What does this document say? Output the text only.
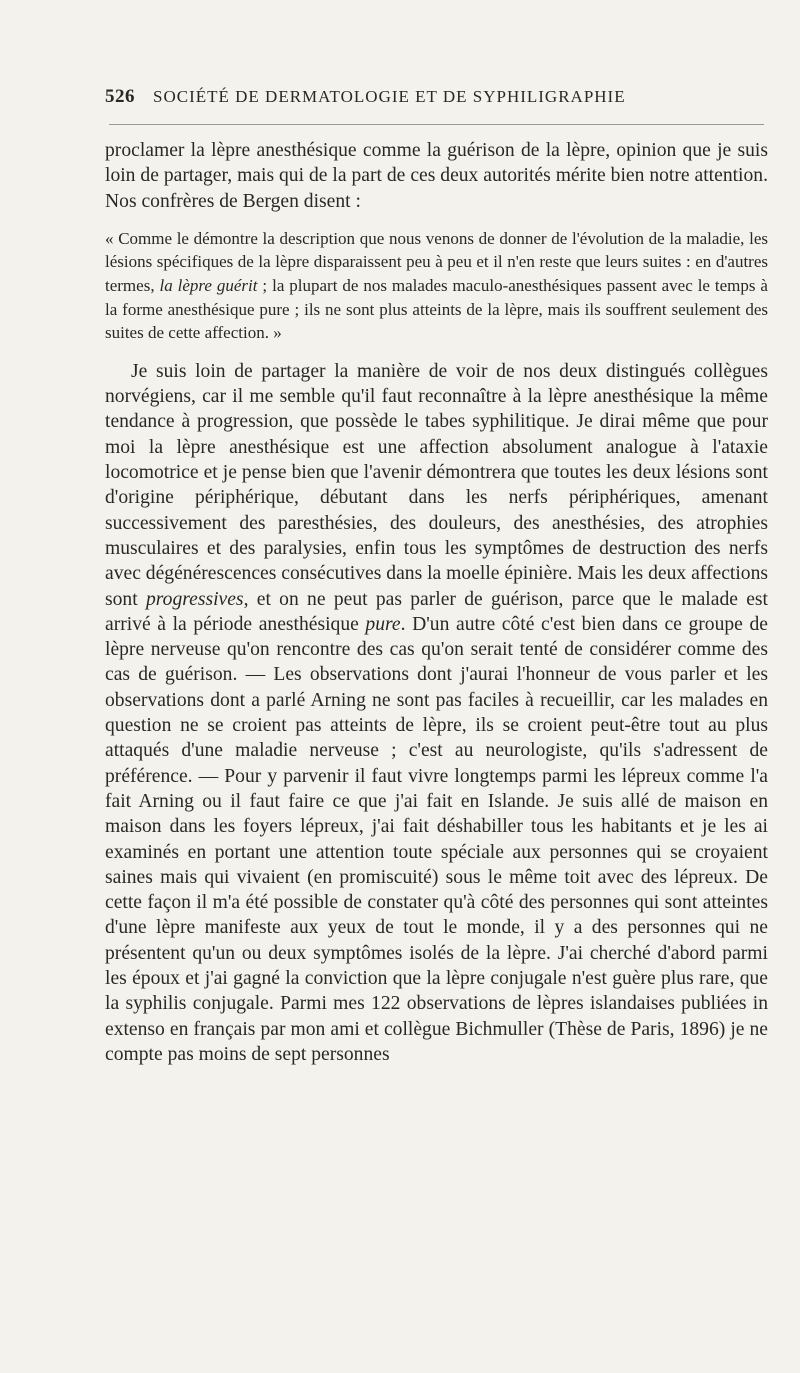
526 SOCIÉTÉ DE DERMATOLOGIE ET DE SYPHILIGRAPHIE

proclamer la lèpre anesthésique comme la guérison de la lèpre, opinion que je suis loin de partager, mais qui de la part de ces deux autorités mérite bien notre attention. Nos confrères de Bergen disent :

« Comme le démontre la description que nous venons de donner de l'évolution de la maladie, les lésions spécifiques de la lèpre disparaissent peu à peu et il n'en reste que leurs suites : en d'autres termes, la lèpre guérit ; la plupart de nos malades maculo-anesthésiques passent avec le temps à la forme anesthésique pure ; ils ne sont plus atteints de la lèpre, mais ils souffrent seulement des suites de cette affection. »

Je suis loin de partager la manière de voir de nos deux distingués collègues norvégiens, car il me semble qu'il faut reconnaître à la lèpre anesthésique la même tendance à progression, que possède le tabes syphilitique. Je dirai même que pour moi la lèpre anesthésique est une affection absolument analogue à l'ataxie locomotrice et je pense bien que l'avenir démontrera que toutes les deux lésions sont d'origine périphérique, débutant dans les nerfs périphériques, amenant successivement des paresthésies, des douleurs, des anesthésies, des atrophies musculaires et des paralysies, enfin tous les symptômes de destruction des nerfs avec dégénérescences consécutives dans la moelle épinière. Mais les deux affections sont progressives, et on ne peut pas parler de guérison, parce que le malade est arrivé à la période anesthésique pure. D'un autre côté c'est bien dans ce groupe de lèpre nerveuse qu'on rencontre des cas qu'on serait tenté de considérer comme des cas de guérison. — Les observations dont j'aurai l'honneur de vous parler et les observations dont a parlé Arning ne sont pas faciles à recueillir, car les malades en question ne se croient pas atteints de lèpre, ils se croient peut-être tout au plus attaqués d'une maladie nerveuse ; c'est au neurologiste, qu'ils s'adressent de préférence. — Pour y parvenir il faut vivre longtemps parmi les lépreux comme l'a fait Arning ou il faut faire ce que j'ai fait en Islande. Je suis allé de maison en maison dans les foyers lépreux, j'ai fait déshabiller tous les habitants et je les ai examinés en portant une attention toute spéciale aux personnes qui se croyaient saines mais qui vivaient (en promiscuité) sous le même toit avec des lépreux. De cette façon il m'a été possible de constater qu'à côté des personnes qui sont atteintes d'une lèpre manifeste aux yeux de tout le monde, il y a des personnes qui ne présentent qu'un ou deux symptômes isolés de la lèpre. J'ai cherché d'abord parmi les époux et j'ai gagné la conviction que la lèpre conjugale n'est guère plus rare, que la syphilis conjugale. Parmi mes 122 observations de lèpres islandaises publiées in extenso en français par mon ami et collègue Bichmuller (Thèse de Paris, 1896) je ne compte pas moins de sept personnes
